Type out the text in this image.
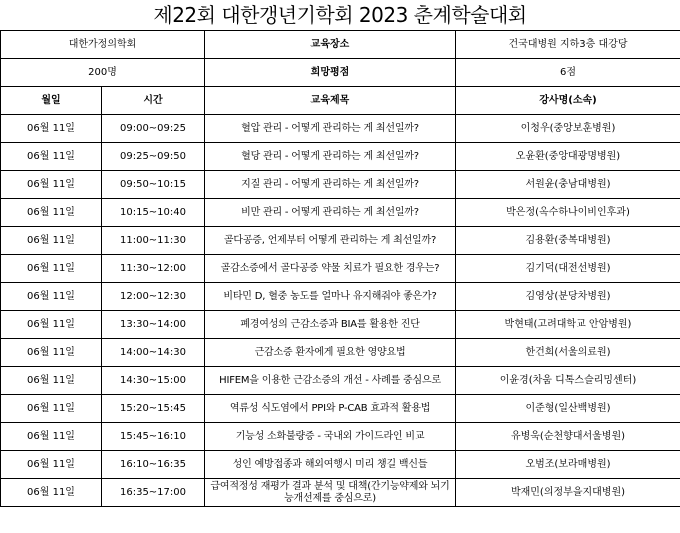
제22회 대한갱년기학회 2023 춘계학술대회
대한가정의학회		교육장소	건국대병원 지하3층 대강당
200명		희망평점	6점
월일	시간	교육제목	강사명(소속)
06월 11일	09:00~09:25	혈압 관리 - 어떻게 관리하는 게 최선일까?	이청우(중앙보훈병원)
06월 11일	09:25~09:50	혈당 관리 - 어떻게 관리하는 게 최선일까?	오윤환(중앙대광명병원)
06월 11일	09:50~10:15	지질 관리 - 어떻게 관리하는 게 최선일까?	서원윤(충남대병원)
06월 11일	10:15~10:40	비만 관리 - 어떻게 관리하는 게 최선일까?	박은정(옥수하나이비인후과)
06월 11일	11:00~11:30	골다공증, 언제부터 어떻게 관리하는 게 최선일까?	김용환(중복대병원)
06월 11일	11:30~12:00	골감소증에서 골다공증 약물 치료가 필요한 경우는?	김기덕(대전선병원)
06월 11일	12:00~12:30	비타민 D, 혈중 농도를 얼마나 유지해줘야 좋은가?	김영상(분당차병원)
06월 11일	13:30~14:00	폐경여성의 근감소증과 BIA를 활용한 진단	박현태(고려대학교 안암병원)
06월 11일	14:00~14:30	근감소증 환자에게 필요한 영양요법	한건희(서울의료원)
06월 11일	14:30~15:00	HIFEM을 이용한 근감소증의 개선 - 사례를 중심으로	이윤경(차움 디톡스슬리밍센터)
06월 11일	15:20~15:45	역류성 식도염에서 PPI와 P-CAB 효과적 활용법	이준형(일산백병원)
06월 11일	15:45~16:10	기능성 소화불량증 - 국내외 가이드라인 비교	유병욱(순천향대서울병원)
06월 11일	16:10~16:35	성인 예방접종과 해외여행시 미리 챙길 백신들	오범조(보라매병원)
06월 11일	16:35~17:00	급여적정성 재평가 결과 분석 및 대책(간기능약제와 뇌기능개선제를 중심으로)	박재민(의정부을지대병원)
